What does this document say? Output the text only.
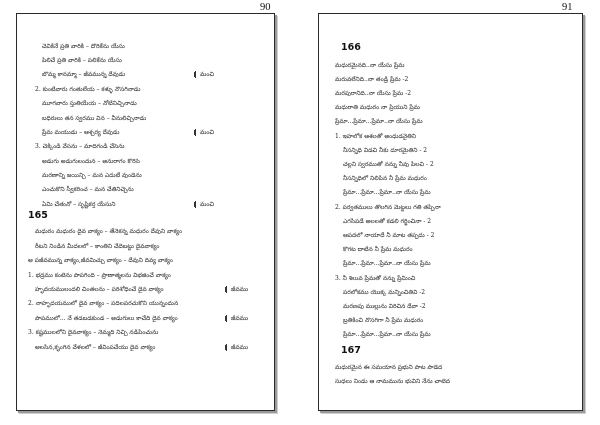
90	91
చెవికినే ప్రతి వారికి – దొరికేను యేసు
పిలిచే ప్రతి వారికి – పలికేను యేసు
బొమ్మ కానమ్మా – జీవమున్న దేవుడు	మంచి
2. కుంటివారు గంతులేయ – కళ్ళు నొసగినాడు
మూగవారు స్తుతియేయ – నోటినిచ్చినాడు
బధిరులు తన స్వరము విన – వీనులిచ్చినాడు
ప్రేమ మయుడు – ఆశ్చర్య దేవుడు	మంచి
3. చెక్కిండి వేసను – మాదిగండి చేసెను
అడుగు అడుగులందున – అనురాగం కొరిసె
మరణాన్ని జయిన్చి – మన ఎదుటే వుండెను
ఎంచుకొని స్వీకరించ – మన చేతినిచ్చెను
ఏమి చేతునో – సృష్టికర్త యేసుని	మంచి
165
మధురం మధురం దైవ వాక్యం – తేనెకన్న మధురం దేవుని వాక్యం
రీటని నిండిన మీదలలో – కాంతిని చేదెబట్టు దైవవాక్యం
అ పజీవమున్న వాక్యం,జీవమిచ్చు వాక్యం – దేవుని దివ్య వాక్యం
1. భద్రము కంటెను పాపగింది – ప్రాణాత్మలను విభజించే వాక్యం
హృదయములందలి చింతలను – పరిశోధించే దైవ వాక్యం	జీవము
2. నాహృదయములో దైవ వాక్యం – పదిలపరచుకొని యున్నందున
పాపములో... నే తడబడకుండ – అడుగులు కాచేది దైవ వాక్యం	జీవము
3. కష్టములలోని దైవవాక్యం – నెమ్మది నిచ్చి నడిపించును
అలసిన,కృంగిన వేళలలో – జీవింపచేయు దైవ వాక్యం	జీవము
166
మధురమైనది..నా యేసు ప్రేమ
మరువలేనిది..నా తండ్రి ప్రేమ -2
మరపురానిది..నా యేసు ప్రేమ -2
మధురాతి మధురం నా ప్రియుని ప్రేమ
ప్రేమా...ప్రేమా...ప్రేమా..నా యేసు ప్రేమ
1. ఇహలోక ఆశలతో అంధుడనైతిని
నీసన్నిధి విడచి నీకు దూరమైతిని - 2
చల్లని స్వరముతో నన్ను నీవు పిలచి - 2
నీసన్నిధిలో నిలిపిన నీ ప్రేమ మధురం
ప్రేమా...ప్రేమా...ప్రేమా..నా యేసు ప్రేమ
2. పర్వతములు తొలగిన మెట్టలు గతి తప్పినా
ఎగసిపడే అలలతో కడలి గర్జించినా - 2
ఆపదలో నాయాదే నీ మాట తప్పదు - 2
కొగట దాటిన నీ ప్రేమ మధురం
ప్రేమా...ప్రేమా...ప్రేమా..నా యేసు ప్రేమ
3. నీ శిలువ ప్రేమతో నన్ను ప్రేమించి
పరలోకము యొక్క మన్నించితివి -2
మరణపు ముల్లును విరిచిన దేవా -2
బ్రతికించి నొసగిగా నీ ప్రేమ మధురం
ప్రేమా...ప్రేమా...ప్రేమా..నా యేసు ప్రేమ
167
మధురమైన ఈ సమయాన ప్రభుని పాట పాడెద
సుధలు నిండు ఆ నామమును భువిని నేను చాటెద
